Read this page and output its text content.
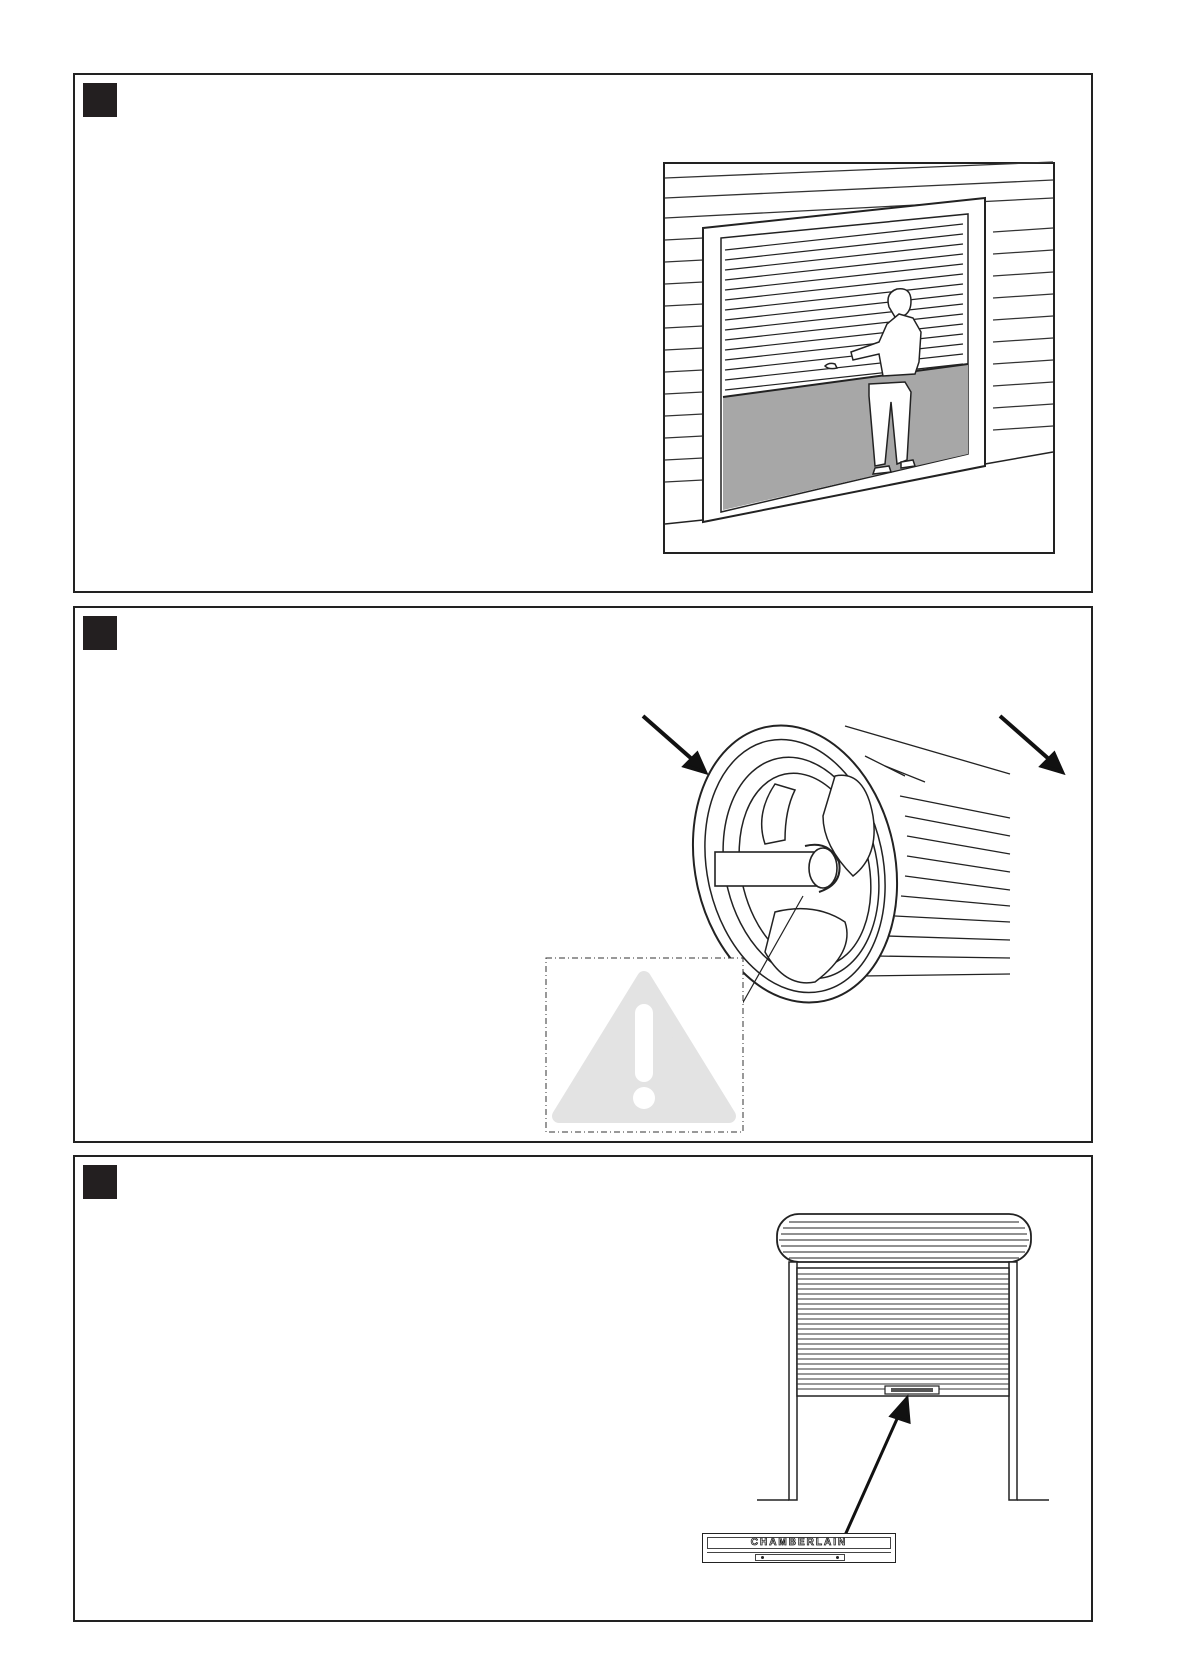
CHAMBERLAIN
